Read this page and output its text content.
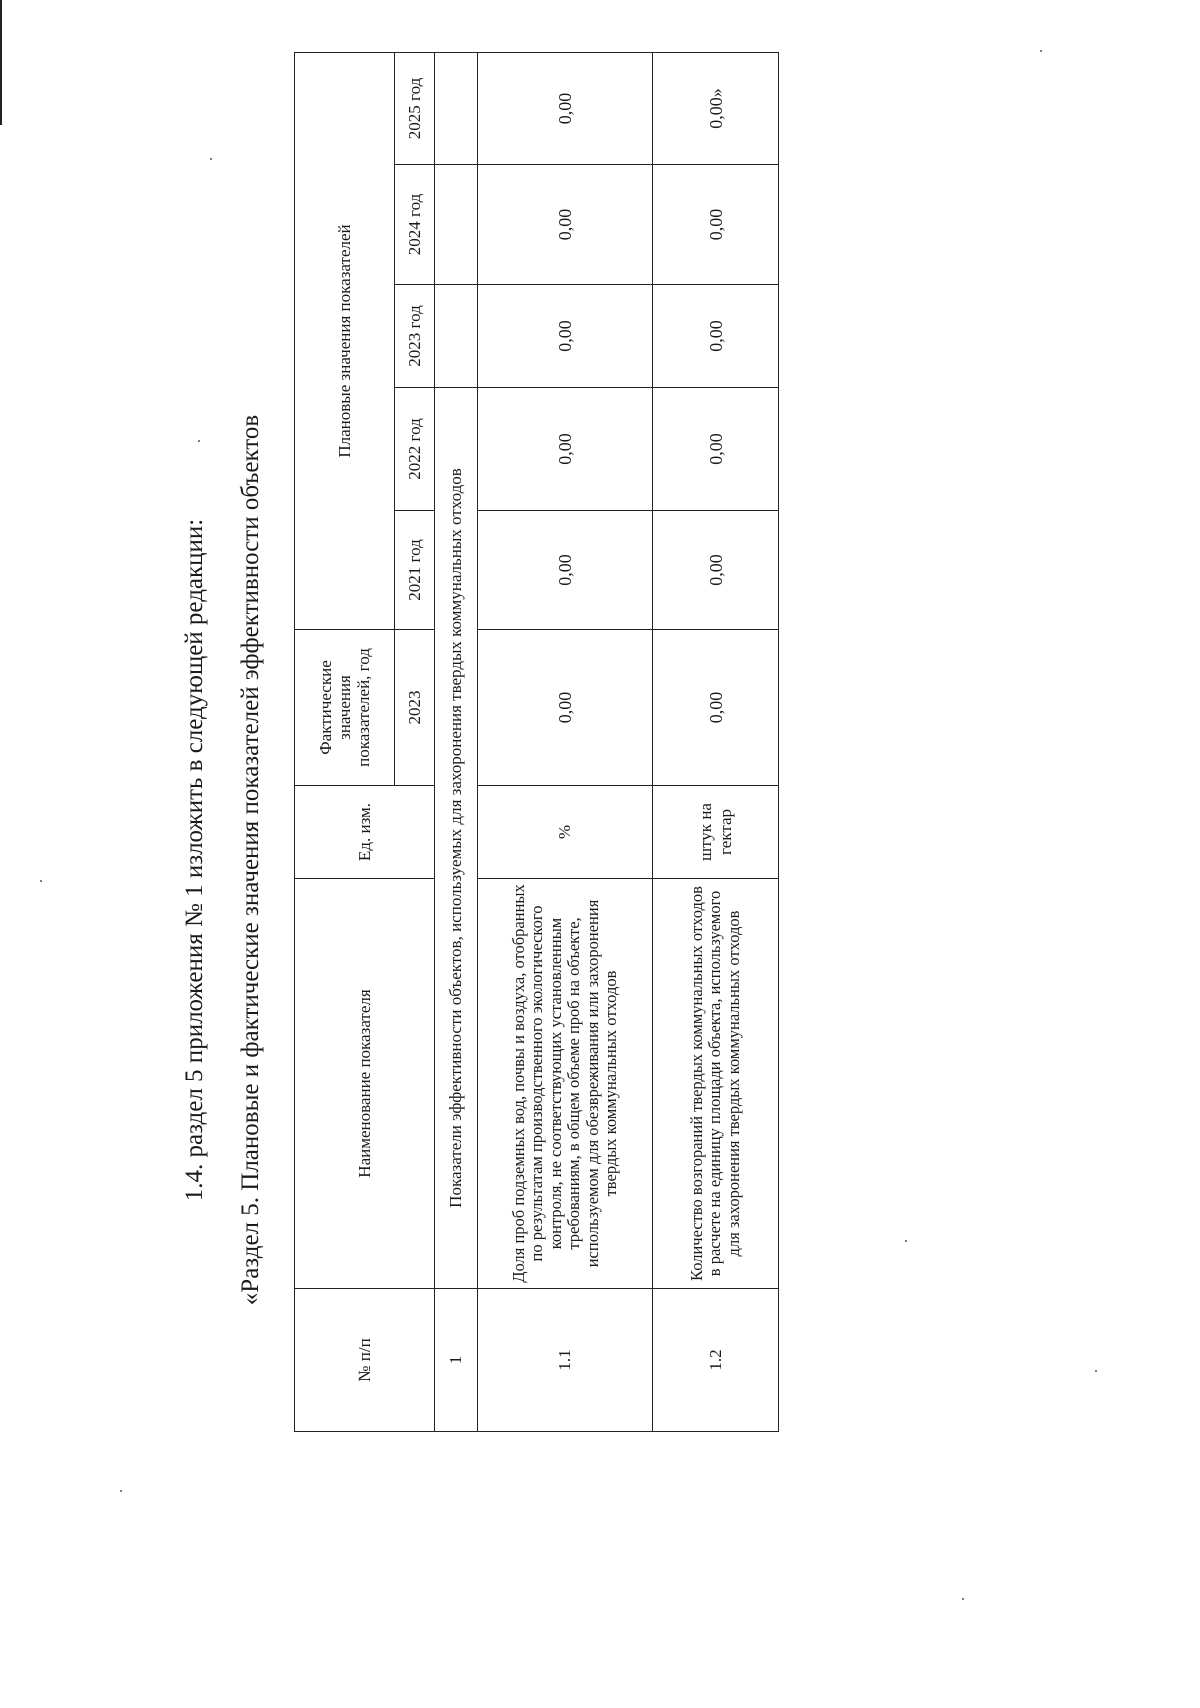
1.4. раздел 5 приложения № 1 изложить в следующей редакции: «Раздел 5. Плановые и фактические значения показателей эффективности объектов

№ п/п	Наименование показателя	Ед. изм.	Фактические значения показателей, год	Плановые значения показателей				
			2023	2021 год	2022 год	2023 год	2024 год	2025 год
1	Показатели эффективности объектов, используемых для захоронения твердых коммунальных отходов							
1.1	Доля проб подземных вод, почвы и воздуха, отобранных по результатам производственного экологического контроля, не соответствующих установленным требованиям, в общем объеме проб на объекте, используемом для обезвреживания или захоронения твердых коммунальных отходов	%	0,00	0,00	0,00	0,00	0,00	0,00
1.2	Количество возгораний твердых коммунальных отходов в расчете на единицу площади объекта, используемого для захоронения твердых коммунальных отходов	штук на гектар	0,00	0,00	0,00	0,00	0,00	0,00»
